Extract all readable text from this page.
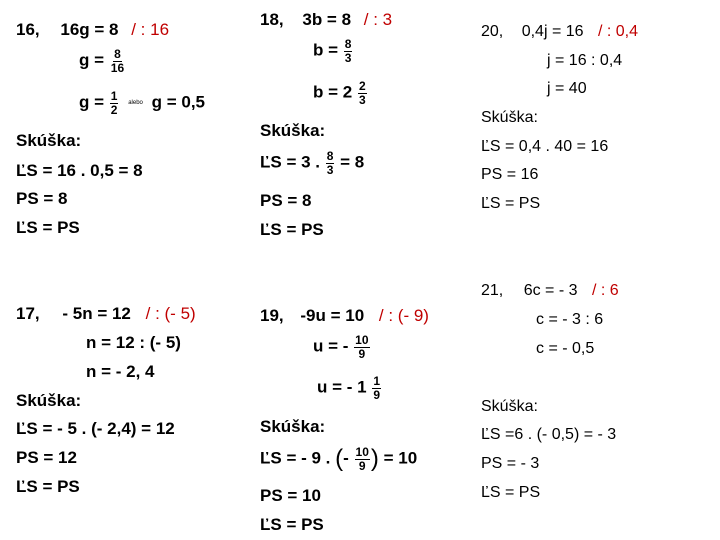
16, 16g = 8 / : 16
$g = \frac{8}{16}$
$g = \frac{1}{2}$ alebo g = 0,5
Skúška:
ĽS = 16 . 0,5 = 8
PS = 8
ĽS = PS
18, 3b = 8 / : 3
$b = \frac{8}{3}$
$b = 2 \frac{2}{3}$
Skúška:
ĽS = 3 . $\frac{8}{3} = 8$
PS = 8
ĽS = PS
20, 0,4j = 16 / : 0,4
j = 16 : 0,4
j = 40
Skúška:
ĽS = 0,4 . 40 = 16
PS = 16
ĽS = PS
17, - 5n = 12 / : (- 5)
n = 12 : (- 5)
n = - 2, 4
Skúška:
ĽS = - 5 . (- 2,4) = 12
PS = 12
ĽS = PS
19, -9u = 10 / : (- 9)
u = - $\frac{10}{9}$
u = - $1 \frac{1}{9}$
Skúška:
ĽS = - 9 . (- $\frac{10}{9}$ ) = 10
PS = 10
ĽS = PS
21, 6c = - 3 / : 6
c = - 3 : 6
c = - 0,5
Skúška:
ĽS =6 . (- 0,5) = - 3
PS = - 3
ĽS = PS
